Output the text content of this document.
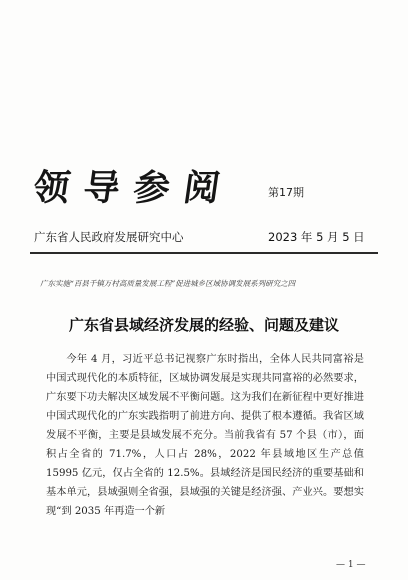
领导参阅	第17期
广东省人民政府发展研究中心	2023 年 5 月 5 日
广东实施“百县千镇万村高质量发展工程”促进城乡区域协调发展系列研究之四
广东省县域经济发展的经验、问题及建议

今年 4 月，习近平总书记视察广东时指出，全体人民共同富裕是中国式现代化的本质特征，区域协调发展是实现共同富裕的必然要求，广东要下功夫解决区域发展不平衡问题。这为我们在新征程中更好推进中国式现代化的广东实践指明了前进方向、提供了根本遵循。我省区域发展不平衡，主要是县域发展不充分。当前我省有 57 个县（市），面积占全省的 71.7%，人口占 28%，2022 年县域地区生产总值 15995 亿元，仅占全省的 12.5%。县域经济是国民经济的重要基础和基本单元，县域强则全省强，县域强的关键是经济强、产业兴。要想实现“到 2035 年再造一个新

— 1 —
